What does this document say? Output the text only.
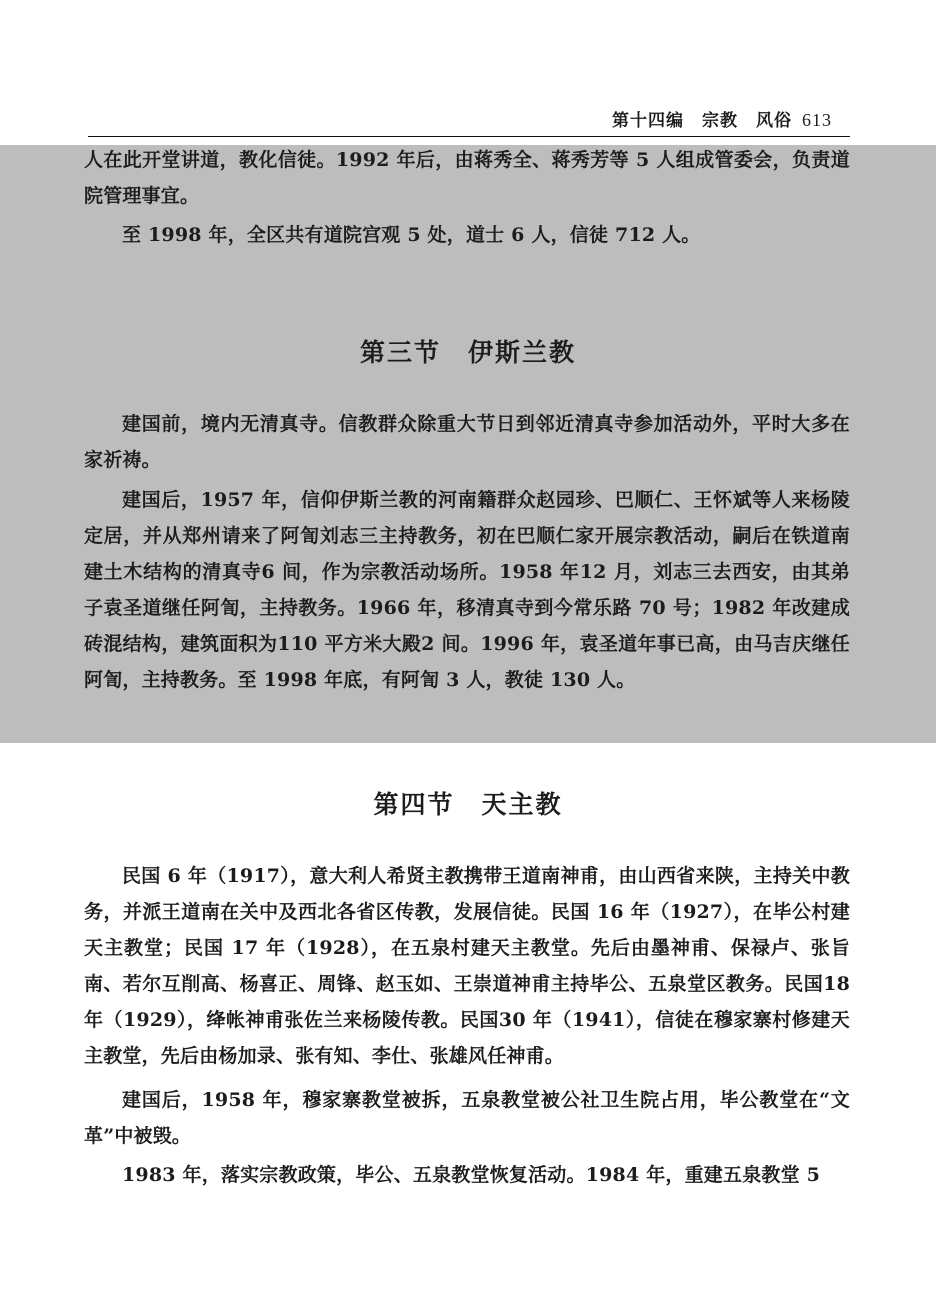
第十四编 宗教 风俗 613

人在此开堂讲道，教化信徒。1992 年后，由蒋秀全、蒋秀芳等 5 人组成管委会，负责道院管理事宜。

至 1998 年，全区共有道院宫观 5 处，道士 6 人，信徒 712 人。

第三节　伊斯兰教

建国前，境内无清真寺。信教群众除重大节日到邻近清真寺参加活动外，平时大多在家祈祷。

建国后，1957 年，信仰伊斯兰教的河南籍群众赵园珍、巴顺仁、王怀斌等人来杨陵定居，并从郑州请来了阿訇刘志三主持教务，初在巴顺仁家开展宗教活动，嗣后在铁道南建土木结构的清真寺6 间，作为宗教活动场所。1958 年12 月，刘志三去西安，由其弟子袁圣道继任阿訇，主持教务。1966 年，移清真寺到今常乐路 70 号；1982 年改建成砖混结构，建筑面积为110 平方米大殿2 间。1996 年，袁圣道年事已高，由马吉庆继任阿訇，主持教务。至 1998 年底，有阿訇 3 人，教徒 130 人。

第四节　天主教

民国 6 年（1917），意大利人希贤主教携带王道南神甫，由山西省来陕，主持关中教务，并派王道南在关中及西北各省区传教，发展信徒。民国 16 年（1927），在毕公村建天主教堂；民国 17 年（1928），在五泉村建天主教堂。先后由墨神甫、保禄卢、张旨南、若尔互削高、杨喜正、周锋、赵玉如、王崇道神甫主持毕公、五泉堂区教务。民国18 年（1929），绛帐神甫张佐兰来杨陵传教。民国30 年（1941），信徒在穆家寨村修建天主教堂，先后由杨加录、张有知、李仕、张雄风任神甫。

建国后，1958 年，穆家寨教堂被拆，五泉教堂被公社卫生院占用，毕公教堂在“文革”中被毁。

1983 年，落实宗教政策，毕公、五泉教堂恢复活动。1984 年，重建五泉教堂 5
